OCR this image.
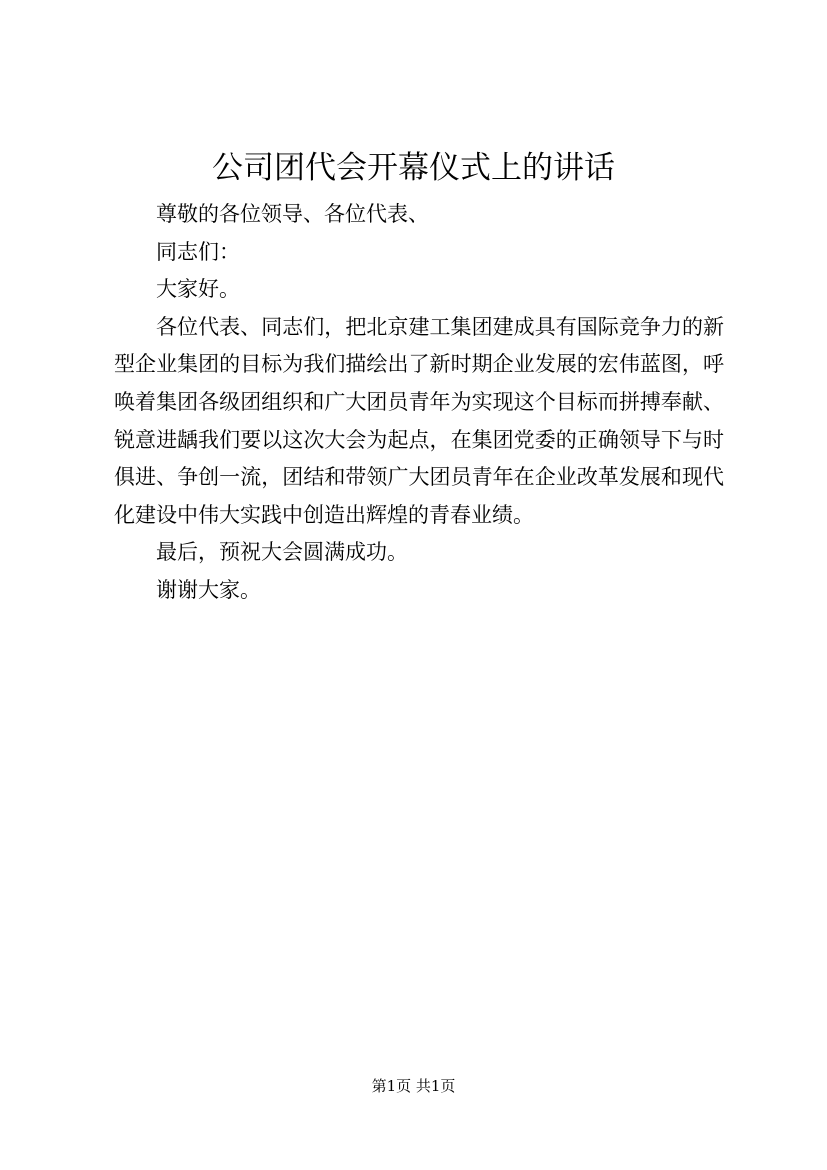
公司团代会开幕仪式上的讲话

尊敬的各位领导、各位代表、

同志们：

大家好。

各位代表、同志们，把北京建工集团建成具有国际竞争力的新型企业集团的目标为我们描绘出了新时期企业发展的宏伟蓝图，呼唤着集团各级团组织和广大团员青年为实现这个目标而拼搏奉献、锐意进龋我们要以这次大会为起点，在集团党委的正确领导下与时俱进、争创一流，团结和带领广大团员青年在企业改革发展和现代化建设中伟大实践中创造出辉煌的青春业绩。

最后，预祝大会圆满成功。

谢谢大家。

第1页 共1页
